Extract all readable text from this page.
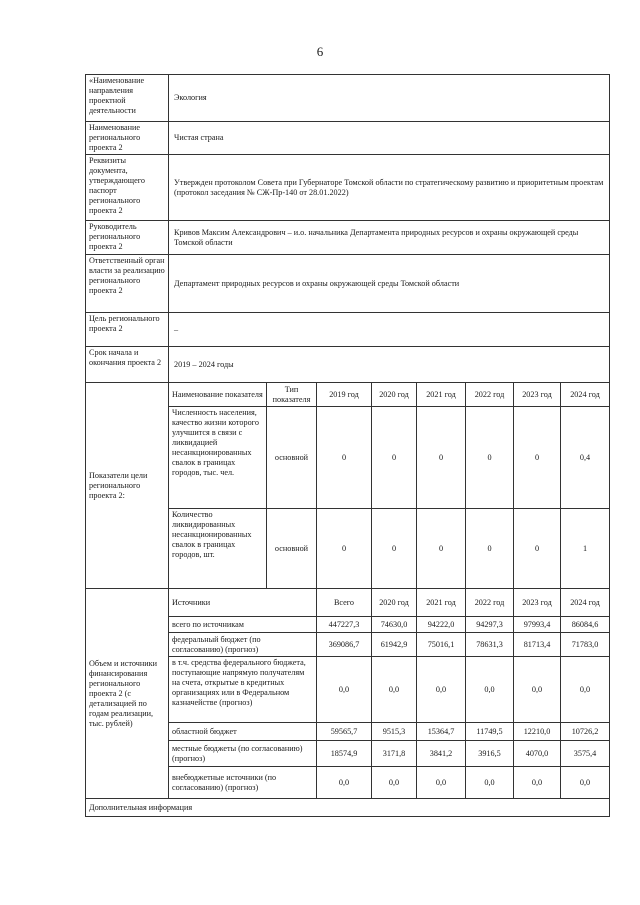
6
«Наименование направления проектной деятельности	Экология							
Наименование регионального проекта 2	Чистая страна							
Реквизиты документа, утверждающего паспорт регионального проекта 2	Утвержден протоколом Совета при Губернаторе Томской области по стратегическому развитию и приоритетным проектам (протокол заседания № СЖ-Пр-140 от 28.01.2022)							
Руководитель регионального проекта 2	Кривов Максим Александрович – и.о. начальника Департамента природных ресурсов и охраны окружающей среды Томской области							
Ответственный орган власти за реализацию регионального проекта 2	Департамент природных ресурсов и охраны окружающей среды Томской области							
Цель регионального проекта 2	–							
Срок начала и окончания проекта 2	2019 – 2024 годы							
Показатели цели регионального проекта 2:	Наименование показателя	Тип показателя	2019 год	2020 год	2021 год	2022 год	2023 год	2024 год
	Численность населения, качество жизни которого улучшится в связи с ликвидацией несанкционированных свалок в границах городов, тыс. чел.	основной	0	0	0	0	0	0,4
	Количество ликвидированных несанкционированных свалок в границах городов, шт.	основной	0	0	0	0	0	1
Объем и источники финансирования регионального проекта 2 (с детализацией по годам реализации, тыс. рублей)	Источники		Всего	2020 год	2021 год	2022 год	2023 год	2024 год
	всего по источникам		447227,3	74630,0	94222,0	94297,3	97993,4	86084,6
	федеральный бюджет (по согласованию) (прогноз)		369086,7	61942,9	75016,1	78631,3	81713,4	71783,0
	в т.ч. средства федерального бюджета, поступающие напрямую получателям на счета, открытые в кредитных организациях или в Федеральном казначействе (прогноз)		0,0	0,0	0,0	0,0	0,0	0,0
	областной бюджет		59565,7	9515,3	15364,7	11749,5	12210,0	10726,2
	местные бюджеты (по согласованию) (прогноз)		18574,9	3171,8	3841,2	3916,5	4070,0	3575,4
	внебюджетные источники (по согласованию) (прогноз)		0,0	0,0	0,0	0,0	0,0	0,0
Дополнительная информация								
